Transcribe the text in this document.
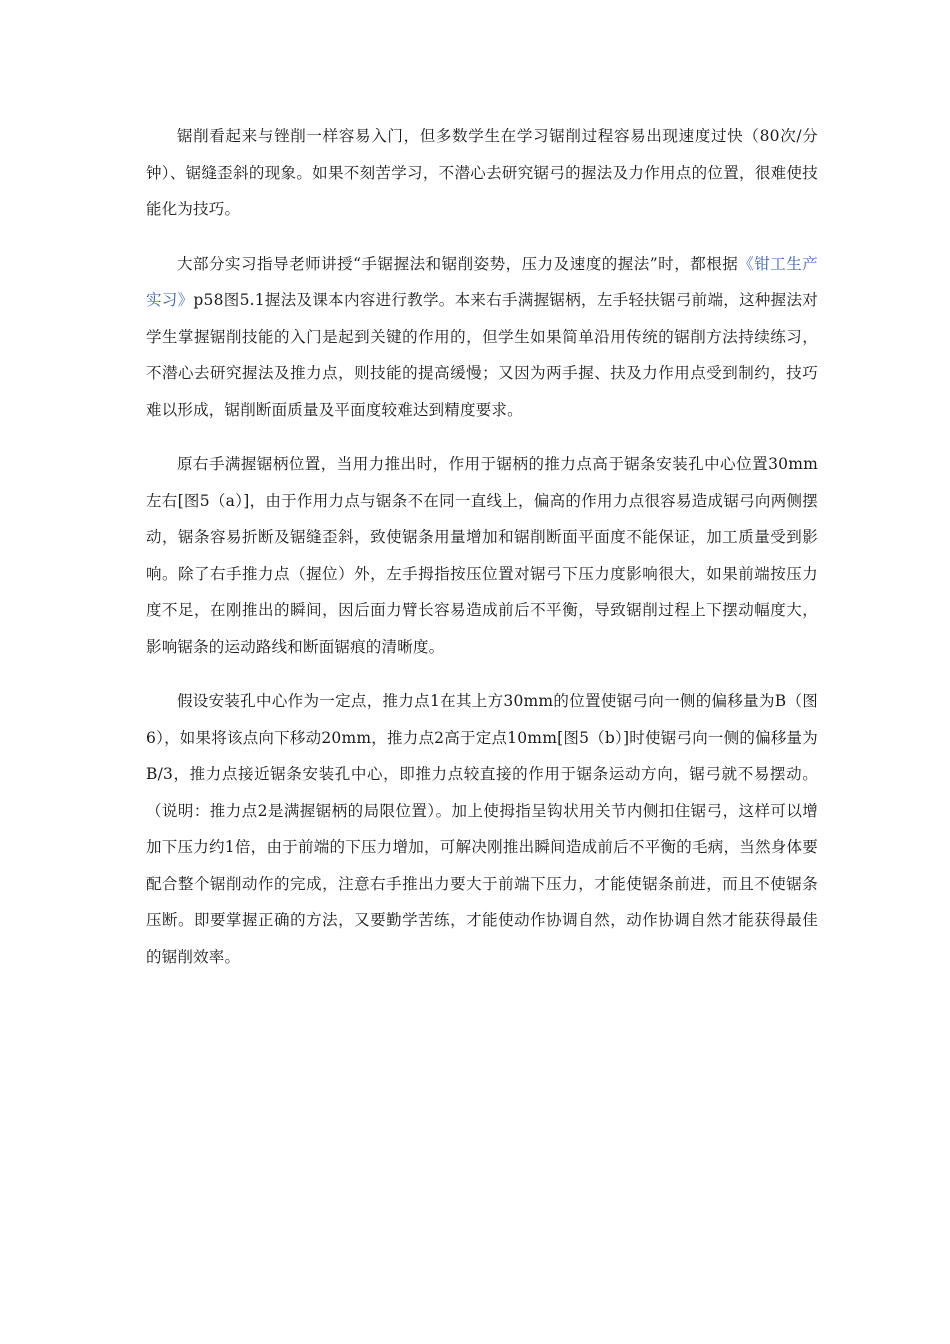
锯削看起来与锉削一样容易入门，但多数学生在学习锯削过程容易出现速度过快（80次/分钟）、锯缝歪斜的现象。如果不刻苦学习，不潜心去研究锯弓的握法及力作用点的位置，很难使技能化为技巧。

大部分实习指导老师讲授“手锯握法和锯削姿势，压力及速度的握法”时，都根据《钳工生产实习》p58图5.1握法及课本内容进行教学。本来右手满握锯柄，左手轻扶锯弓前端，这种握法对学生掌握锯削技能的入门是起到关键的作用的，但学生如果简单沿用传统的锯削方法持续练习，不潜心去研究握法及推力点，则技能的提高缓慢；又因为两手握、扶及力作用点受到制约，技巧难以形成，锯削断面质量及平面度较难达到精度要求。

原右手满握锯柄位置，当用力推出时，作用于锯柄的推力点高于锯条安装孔中心位置30mm左右[图5（a）]，由于作用力点与锯条不在同一直线上，偏高的作用力点很容易造成锯弓向两侧摆动，锯条容易折断及锯缝歪斜，致使锯条用量增加和锯削断面平面度不能保证，加工质量受到影响。除了右手推力点（握位）外，左手拇指按压位置对锯弓下压力度影响很大，如果前端按压力度不足，在刚推出的瞬间，因后面力臂长容易造成前后不平衡，导致锯削过程上下摆动幅度大，影响锯条的运动路线和断面锯痕的清晰度。

假设安装孔中心作为一定点，推力点1在其上方30mm的位置使锯弓向一侧的偏移量为B（图6），如果将该点向下移动20mm，推力点2高于定点10mm[图5（b）]时使锯弓向一侧的偏移量为B/3，推力点接近锯条安装孔中心，即推力点较直接的作用于锯条运动方向，锯弓就不易摆动。（说明：推力点2是满握锯柄的局限位置）。加上使拇指呈钩状用关节内侧扣住锯弓，这样可以增加下压力约1倍，由于前端的下压力增加，可解决刚推出瞬间造成前后不平衡的毛病，当然身体要配合整个锯削动作的完成，注意右手推出力要大于前端下压力，才能使锯条前进，而且不使锯条压断。即要掌握正确的方法，又要勤学苦练，才能使动作协调自然，动作协调自然才能获得最佳的锯削效率。
